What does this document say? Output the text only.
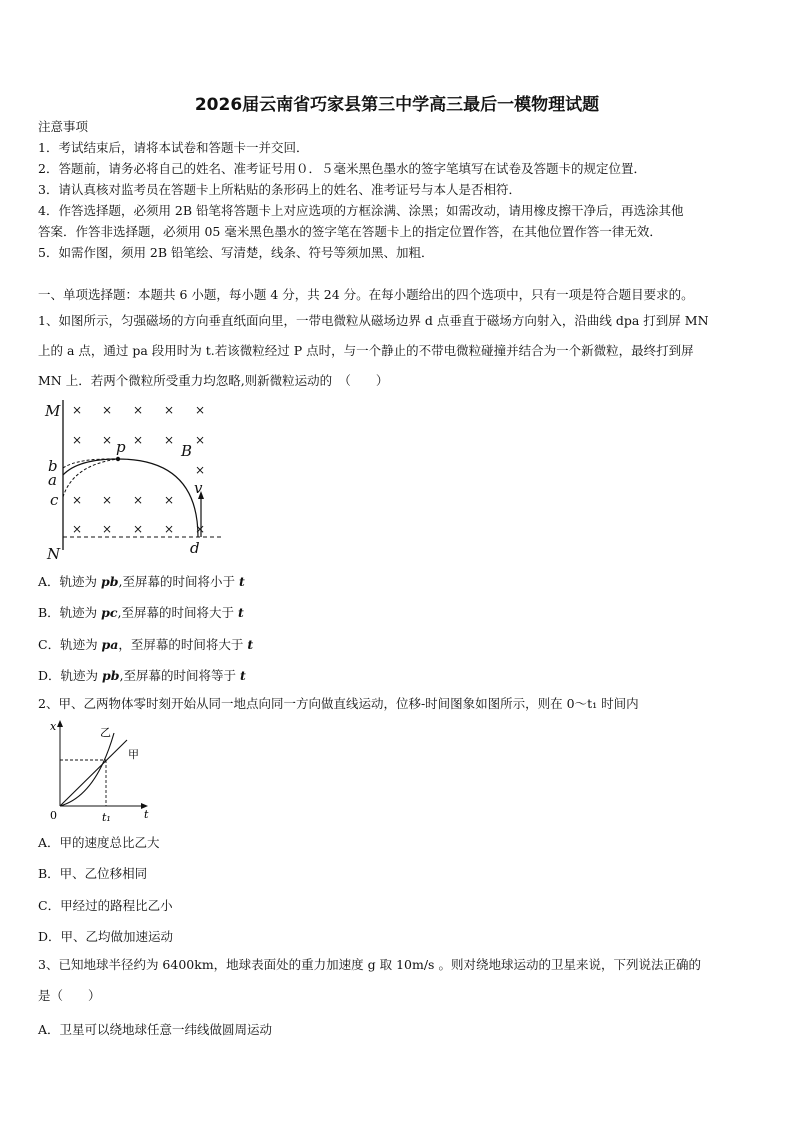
2026届云南省巧家县第三中学高三最后一模物理试题
注意事项
1．考试结束后，请将本试卷和答题卡一并交回．
2．答题前，请务必将自己的姓名、准考证号用０．５毫米黑色墨水的签字笔填写在试卷及答题卡的规定位置．
3．请认真核对监考员在答题卡上所粘贴的条形码上的姓名、准考证号与本人是否相符．
4．作答选择题，必须用 2B 铅笔将答题卡上对应选项的方框涂满、涂黑；如需改动，请用橡皮擦干净后，再选涂其他
答案．作答非选择题，必须用 05 毫米黑色墨水的签字笔在答题卡上的指定位置作答，在其他位置作答一律无效．
5．如需作图，须用 2B 铅笔绘、写清楚，线条、符号等须加黑、加粗．
一、单项选择题：本题共 6 小题，每小题 4 分，共 24 分。在每小题给出的四个选项中，只有一项是符合题目要求的。
1、如图所示，匀强磁场的方向垂直纸面向里，一带电微粒从磁场边界 d 点垂直于磁场方向射入，沿曲线 dpa 打到屏 MN
上的 a 点，通过 pa 段用时为 t.若该微粒经过 P 点时，与一个静止的不带电微粒碰撞并结合为一个新微粒，最终打到屏
MN 上．若两个微粒所受重力均忽略,则新微粒运动的　（　　）
× × × × ×
× × × × ×
×
× × × ×
× × × × ×
M
N
p	B
b
a
c
v
d
A．轨迹为 pb,至屏幕的时间将小于 t
B．轨迹为 pc,至屏幕的时间将大于 t
C．轨迹为 pa，至屏幕的时间将大于 t
D．轨迹为 pb,至屏幕的时间将等于 t
2、甲、乙两物体零时刻开始从同一地点向同一方向做直线运动，位移-时间图象如图所示，则在 0～t₁ 时间内
x
t
0	t₁
乙
甲
A．甲的速度总比乙大
B．甲、乙位移相同
C．甲经过的路程比乙小
D．甲、乙均做加速运动
3、已知地球半径约为 6400km，地球表面处的重力加速度 g 取 10m/s 。则对绕地球运动的卫星来说，下列说法正确的
是（　　）
A．卫星可以绕地球任意一纬线做圆周运动
